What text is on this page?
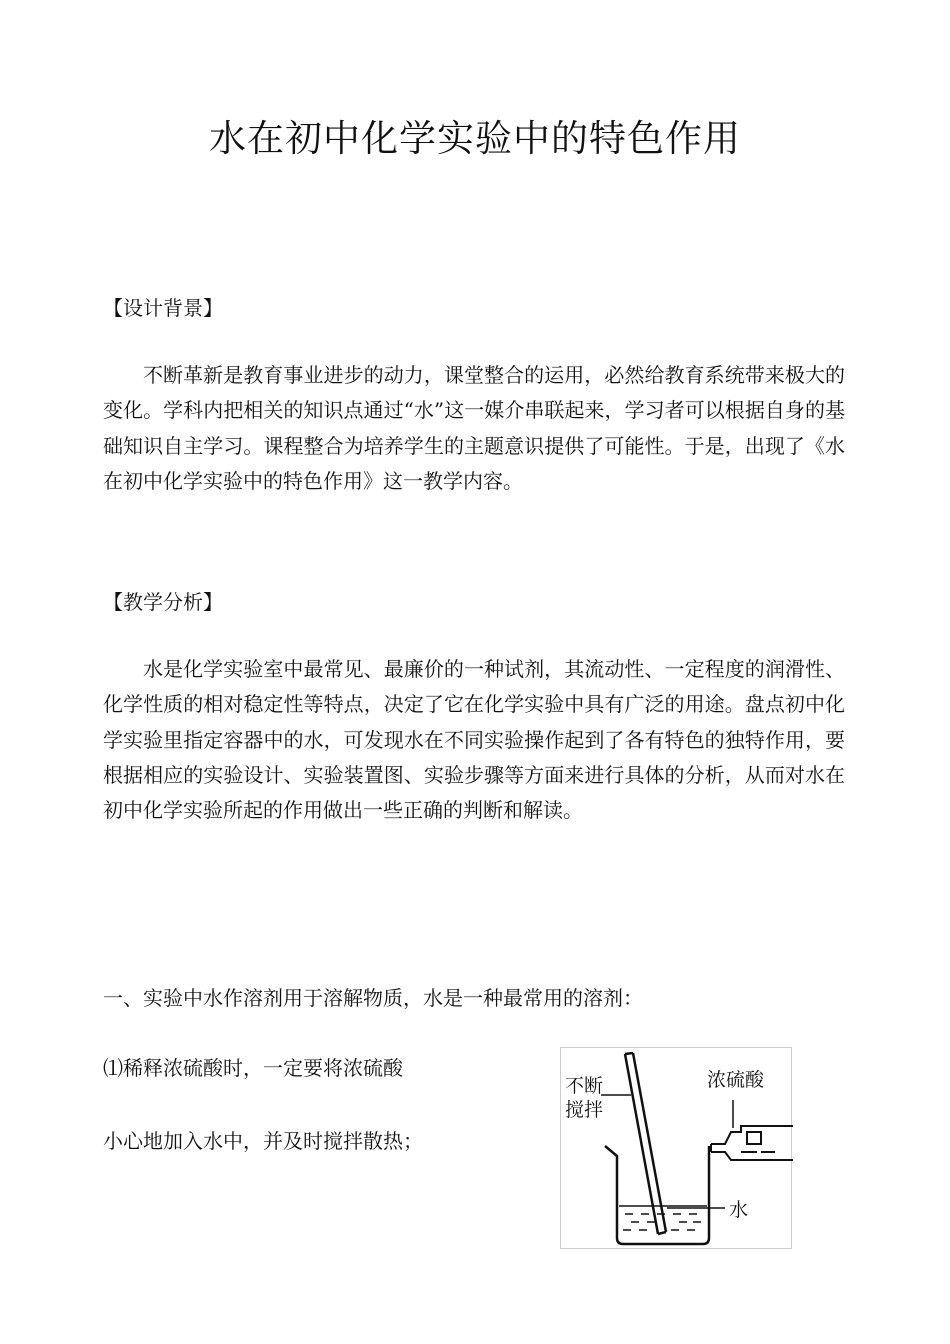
水在初中化学实验中的特色作用

【设计背景】

不断革新是教育事业进步的动力，课堂整合的运用，必然给教育系统带来极大的变化。学科内把相关的知识点通过“水”这一媒介串联起来，学习者可以根据自身的基础知识自主学习。课程整合为培养学生的主题意识提供了可能性。于是，出现了《水在初中化学实验中的特色作用》这一教学内容。

【教学分析】

水是化学实验室中最常见、最廉价的一种试剂，其流动性、一定程度的润滑性、化学性质的相对稳定性等特点，决定了它在化学实验中具有广泛的用途。盘点初中化学实验里指定容器中的水，可发现水在不同实验操作起到了各有特色的独特作用，要根据相应的实验设计、实验装置图、实验步骤等方面来进行具体的分析，从而对水在初中化学实验所起的作用做出一些正确的判断和解读。

一、实验中水作溶剂用于溶解物质，水是一种最常用的溶剂：

⑴稀释浓硫酸时，一定要将浓硫酸

小心地加入水中，并及时搅拌散热；

不断
搅拌
浓硫酸
水
